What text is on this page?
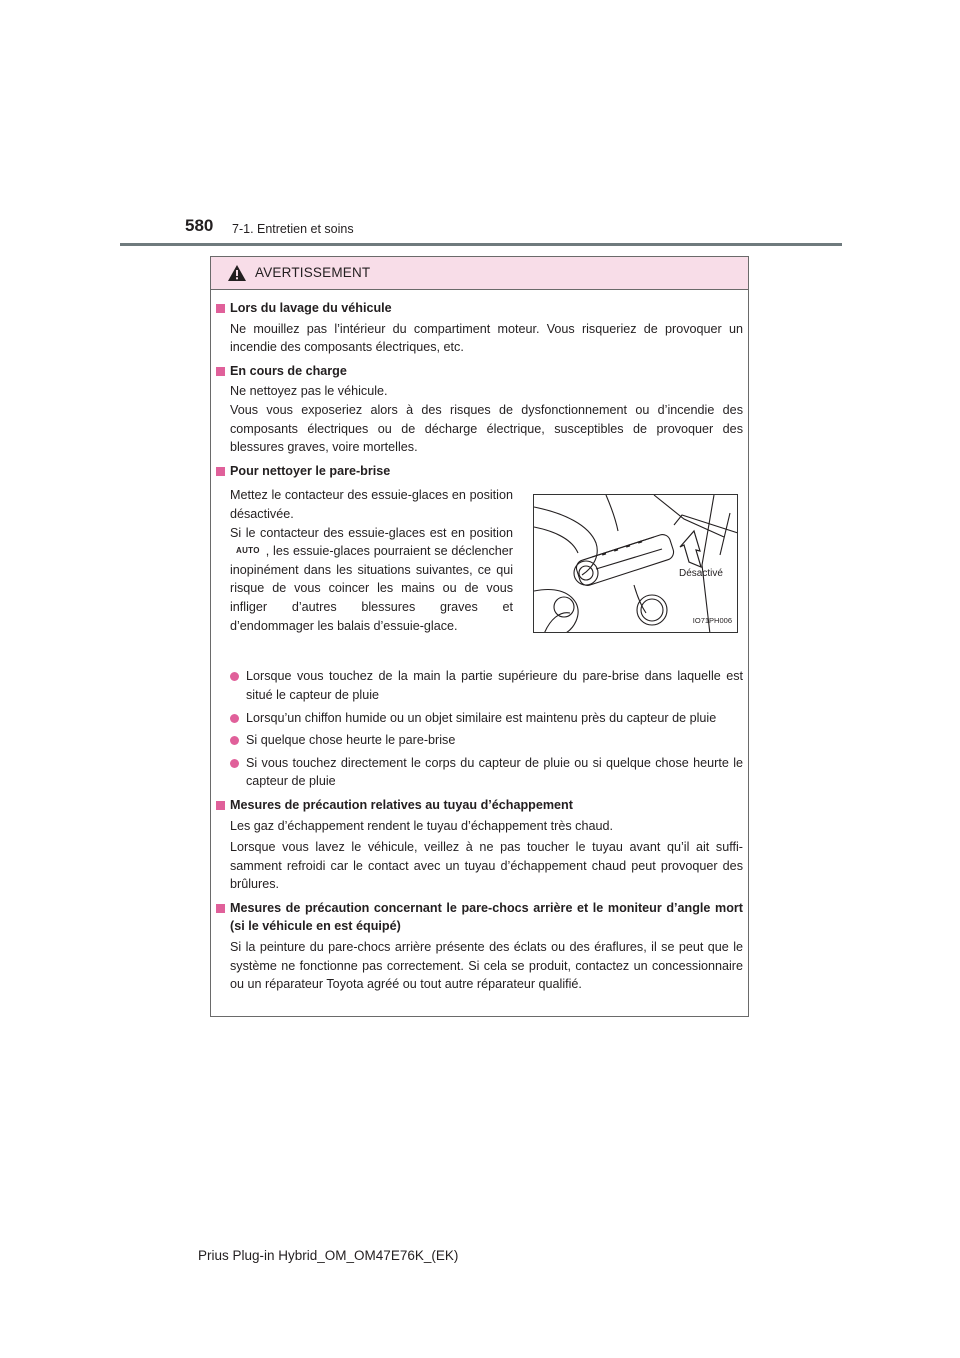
580 7-1. Entretien et soins
AVERTISSEMENT
Lors du lavage du véhicule
Ne mouillez pas l’intérieur du compartiment moteur. Vous risqueriez de provoquer un incendie des composants électriques, etc.
En cours de charge
Ne nettoyez pas le véhicule.
Vous vous exposeriez alors à des risques de dysfonctionnement ou d’incendie des composants électriques ou de décharge électrique, susceptibles de provoquer des blessures graves, voire mortelles.
Pour nettoyer le pare-brise
Mettez le contacteur des essuie-glaces en position désactivée.
Si le contacteur des essuie-glaces est en positionAUTO , les essuie-glaces pourraient se déclencher inopinément dans les situations suivantes, ce qui risque de vous coincer les mains ou de vous infliger d’autres blessures graves et d’endommager les balais d’essuie-glace.
Désactivé
IO71PH006
Lorsque vous touchez de la main la partie supérieure du pare-brise dans laquelle est situé le capteur de pluie
Lorsqu’un chiffon humide ou un objet similaire est maintenu près du capteur de pluie
Si quelque chose heurte le pare-brise
Si vous touchez directement le corps du capteur de pluie ou si quelque chose heurte le capteur de pluie
Mesures de précaution relatives au tuyau d’échappement
Les gaz d’échappement rendent le tuyau d’échappement très chaud.
Lorsque vous lavez le véhicule, veillez à ne pas toucher le tuyau avant qu’il ait suffi-samment refroidi car le contact avec un tuyau d’échappement chaud peut provoquer des brûlures.
Mesures de précaution concernant le pare-chocs arrière et le moniteur d’angle mort (si le véhicule en est équipé)
Si la peinture du pare-chocs arrière présente des éclats ou des éraflures, il se peut que le système ne fonctionne pas correctement. Si cela se produit, contactez un concessionnaire ou un réparateur Toyota agréé ou tout autre réparateur qualifié.
Prius Plug-in Hybrid_OM_OM47E76K_(EK)
